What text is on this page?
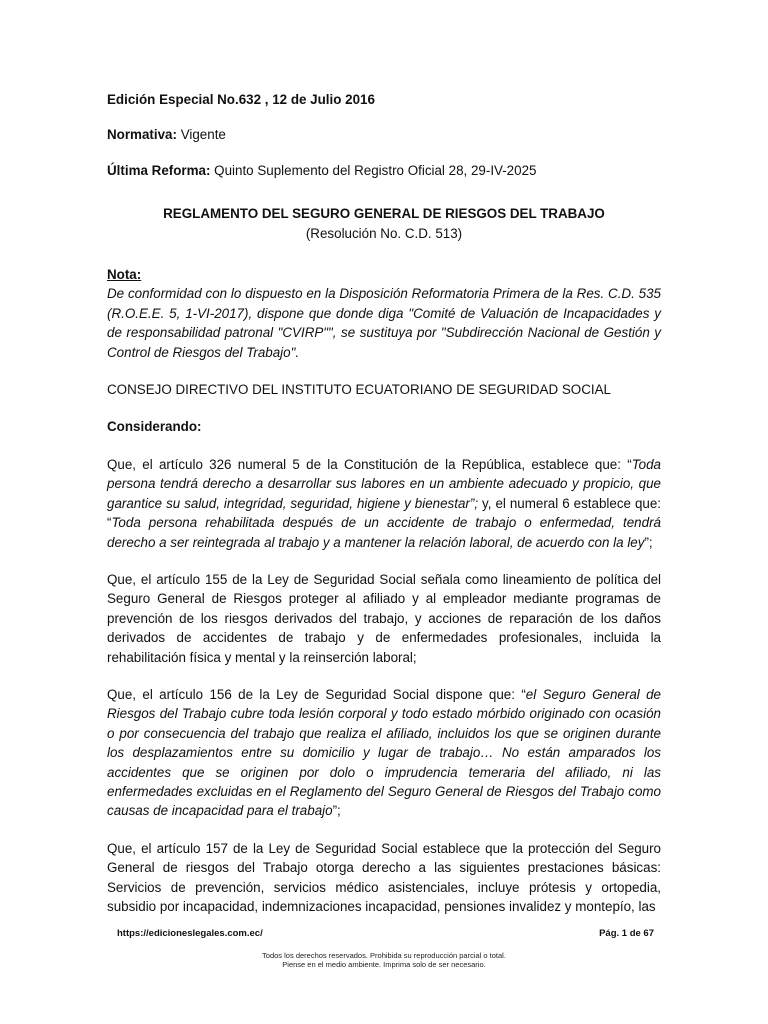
Edición Especial No.632 , 12 de Julio 2016

Normativa: Vigente

Última Reforma: Quinto Suplemento del Registro Oficial 28, 29-IV-2025

REGLAMENTO DEL SEGURO GENERAL DE RIESGOS DEL TRABAJO
(Resolución No. C.D. 513)
Nota:
De conformidad con lo dispuesto en la Disposición Reformatoria Primera de la Res. C.D. 535 (R.O.E.E. 5, 1-VI-2017), dispone que donde diga "Comité de Valuación de Incapacidades y de responsabilidad patronal "CVIRP"", se sustituya por "Subdirección Nacional de Gestión y Control de Riesgos del Trabajo".
CONSEJO DIRECTIVO DEL INSTITUTO ECUATORIANO DE SEGURIDAD SOCIAL
Considerando:

Que, el artículo 326 numeral 5 de la Constitución de la República, establece que: “Toda persona tendrá derecho a desarrollar sus labores en un ambiente adecuado y propicio, que garantice su salud, integridad, seguridad, higiene y bienestar”; y, el numeral 6 establece que: “Toda persona rehabilitada después de un accidente de trabajo o enfermedad, tendrá derecho a ser reintegrada al trabajo y a mantener la relación laboral, de acuerdo con la ley”;

Que, el artículo 155 de la Ley de Seguridad Social señala como lineamiento de política del Seguro General de Riesgos proteger al afiliado y al empleador mediante programas de prevención de los riesgos derivados del trabajo, y acciones de reparación de los daños derivados de accidentes de trabajo y de enfermedades profesionales, incluida la rehabilitación física y mental y la reinserción laboral;

Que, el artículo 156 de la Ley de Seguridad Social dispone que: “el Seguro General de Riesgos del Trabajo cubre toda lesión corporal y todo estado mórbido originado con ocasión o por consecuencia del trabajo que realiza el afiliado, incluidos los que se originen durante los desplazamientos entre su domicilio y lugar de trabajo… No están amparados los accidentes que se originen por dolo o imprudencia temeraria del afiliado, ni las enfermedades excluidas en el Reglamento del Seguro General de Riesgos del Trabajo como causas de incapacidad para el trabajo”;

Que, el artículo 157 de la Ley de Seguridad Social establece que la protección del Seguro General de riesgos del Trabajo otorga derecho a las siguientes prestaciones básicas: Servicios de prevención, servicios médico asistenciales, incluye prótesis y ortopedia, subsidio por incapacidad, indemnizaciones incapacidad, pensiones invalidez y montepío, las

https://edicioneslegales.com.ec/	Pág. 1 de 67
Todos los derechos reservados. Prohibida su reproducción parcial o total.
Piense en el medio ambiente. Imprima solo de ser necesario.
